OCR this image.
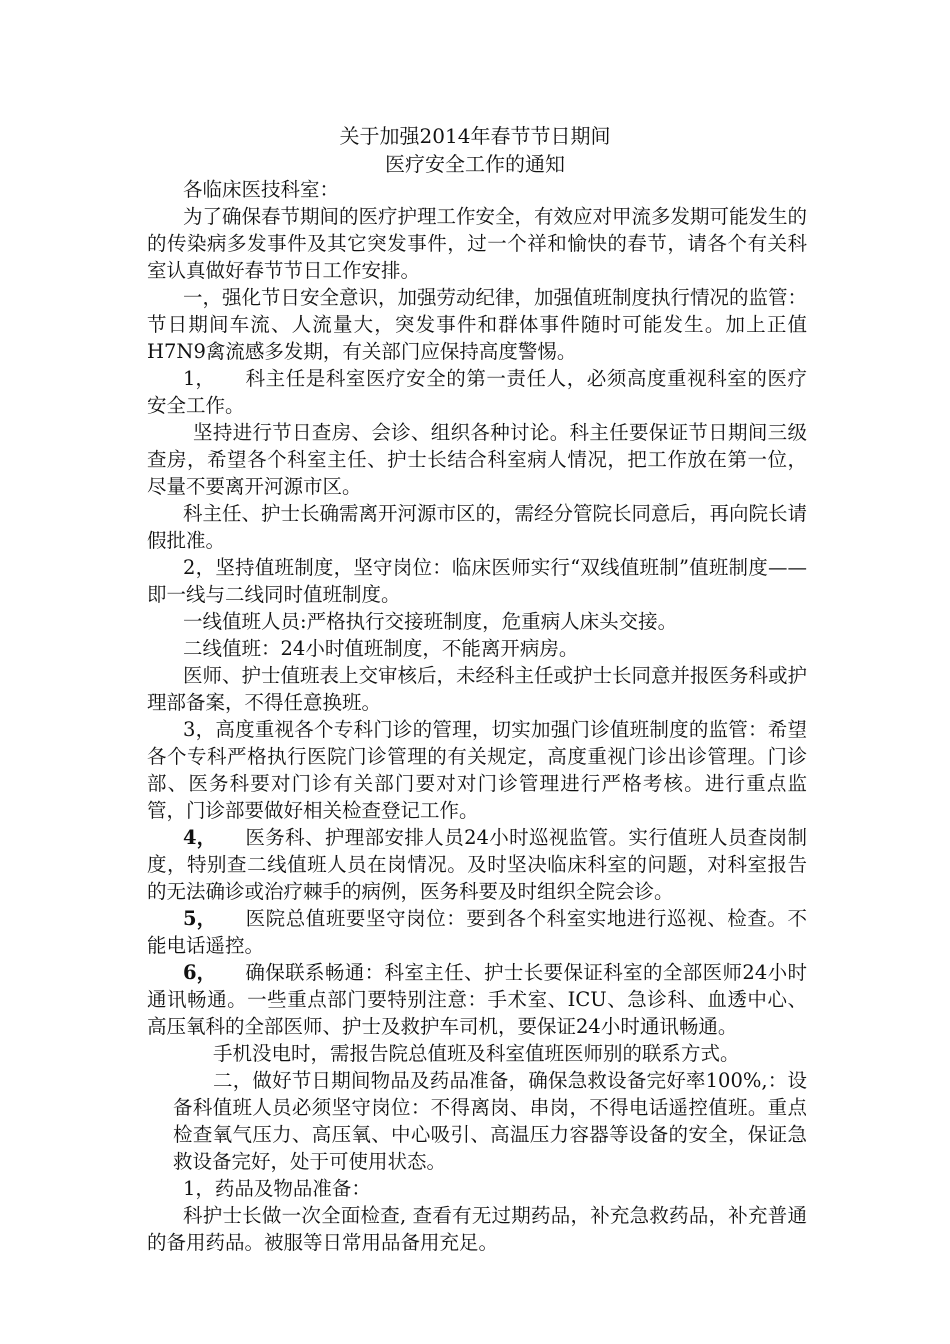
关于加强2014年春节节日期间
医疗安全工作的通知

各临床医技科室：

为了确保春节期间的医疗护理工作安全，有效应对甲流多发期可能发生的的传染病多发事件及其它突发事件，过一个祥和愉快的春节，请各个有关科室认真做好春节节日工作安排。

一，强化节日安全意识，加强劳动纪律，加强值班制度执行情况的监管：节日期间车流、人流量大，突发事件和群体事件随时可能发生。加上正值H7N9禽流感多发期，有关部门应保持高度警惕。

1， 科主任是科室医疗安全的第一责任人，必须高度重视科室的医疗安全工作。

坚持进行节日查房、会诊、组织各种讨论。科主任要保证节日期间三级查房，希望各个科室主任、护士长结合科室病人情况，把工作放在第一位，尽量不要离开河源市区。

科主任、护士长确需离开河源市区的，需经分管院长同意后，再向院长请假批准。

2，坚持值班制度，坚守岗位：临床医师实行“双线值班制”值班制度——即一线与二线同时值班制度。

一线值班人员:严格执行交接班制度，危重病人床头交接。

二线值班：24小时值班制度，不能离开病房。

医师、护士值班表上交审核后，未经科主任或护士长同意并报医务科或护理部备案，不得任意换班。

3，高度重视各个专科门诊的管理，切实加强门诊值班制度的监管：希望各个专科严格执行医院门诊管理的有关规定，高度重视门诊出诊管理。门诊部、医务科要对门诊有关部门要对对门诊管理进行严格考核。进行重点监管，门诊部要做好相关检查登记工作。

4， 医务科、护理部安排人员24小时巡视监管。实行值班人员查岗制度，特别查二线值班人员在岗情况。及时坚决临床科室的问题，对科室报告的无法确诊或治疗棘手的病例，医务科要及时组织全院会诊。

5， 医院总值班要坚守岗位：要到各个科室实地进行巡视、检查。不能电话遥控。

6， 确保联系畅通：科室主任、护士长要保证科室的全部医师24小时通讯畅通。一些重点部门要特别注意：手术室、ICU、急诊科、血透中心、高压氧科的全部医师、护士及救护车司机，要保证24小时通讯畅通。

手机没电时，需报告院总值班及科室值班医师别的联系方式。

二，做好节日期间物品及药品准备，确保急救设备完好率100%,：设备科值班人员必须坚守岗位：不得离岗、串岗，不得电话遥控值班。重点检查氧气压力、高压氧、中心吸引、高温压力容器等设备的安全，保证急救设备完好，处于可使用状态。

1，药品及物品准备：

科护士长做一次全面检查, 查看有无过期药品，补充急救药品，补充普通的备用药品。被服等日常用品备用充足。
